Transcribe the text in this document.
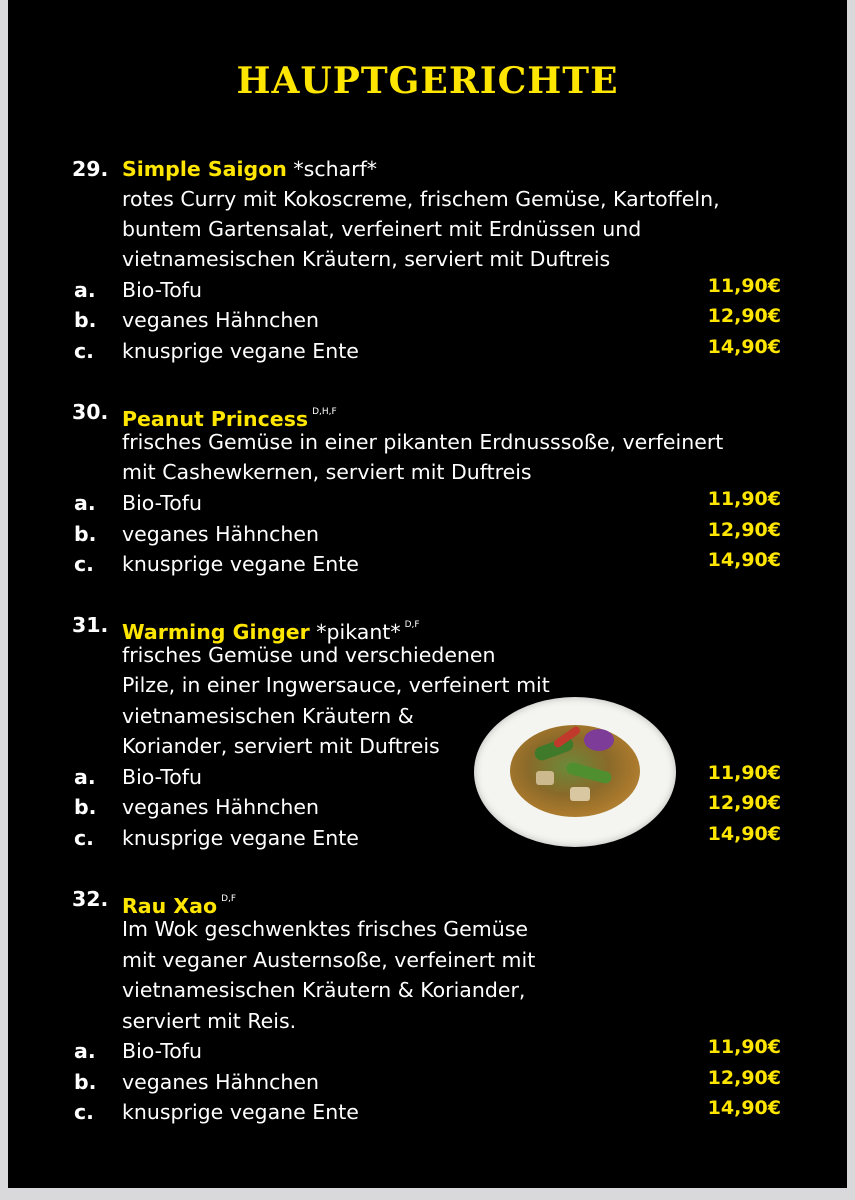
HAUPTGERICHTE
29. Simple Saigon *scharf*
rotes Curry mit Kokoscreme, frischem Gemüse, Kartoffeln,
buntem Gartensalat, verfeinert mit Erdnüssen und
vietnamesischen Kräutern, serviert mit Duftreis
a. Bio-Tofu	11,90€
b. veganes Hähnchen	12,90€
c. knusprige vegane Ente	14,90€
30. Peanut Princess $^{D,H,F}$
frisches Gemüse in einer pikanten Erdnusssoße, verfeinert
mit Cashewkernen, serviert mit Duftreis
a. Bio-Tofu	11,90€
b. veganes Hähnchen	12,90€
c. knusprige vegane Ente	14,90€
31. Warming Ginger *pikant* $^{D,F}$
frisches Gemüse und verschiedenen
Pilze, in einer Ingwersauce, verfeinert mit
vietnamesischen Kräutern &
Koriander, serviert mit Duftreis
a. Bio-Tofu	11,90€
b. veganes Hähnchen	12,90€
c. knusprige vegane Ente	14,90€
32. Rau Xao $^{D,F}$
Im Wok geschwenktes frisches Gemüse
mit veganer Austernsoße, verfeinert mit
vietnamesischen Kräutern & Koriander,
serviert mit Reis.
a. Bio-Tofu	11,90€
b. veganes Hähnchen	12,90€
c. knusprige vegane Ente	14,90€
